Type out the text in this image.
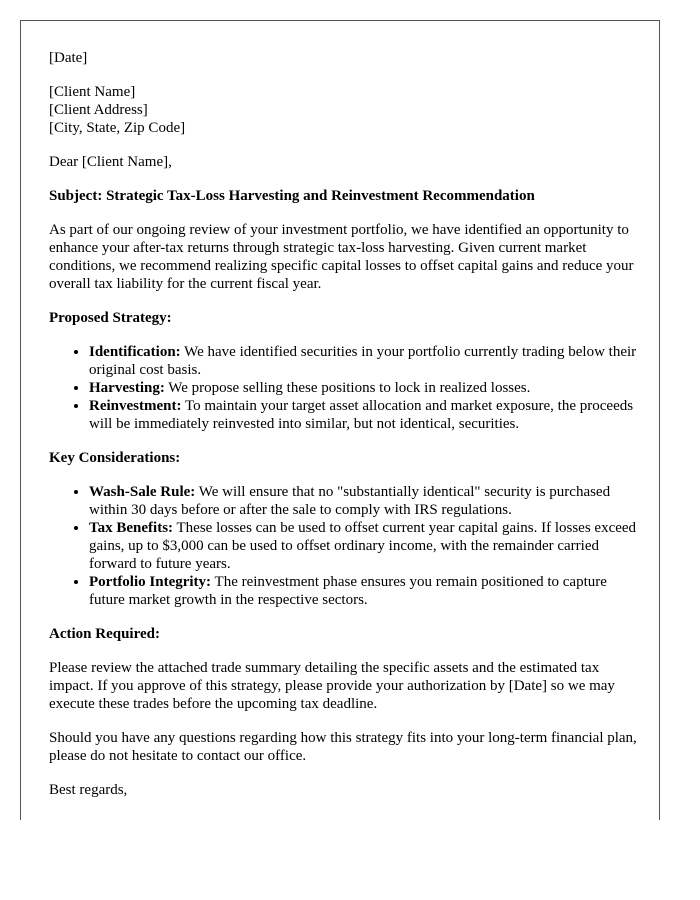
[Date]

[Client Name]
[Client Address]
[City, State, Zip Code]

Dear [Client Name],

Subject: Strategic Tax-Loss Harvesting and Reinvestment Recommendation

As part of our ongoing review of your investment portfolio, we have identified an opportunity to enhance your after-tax returns through strategic tax-loss harvesting. Given current market conditions, we recommend realizing specific capital losses to offset capital gains and reduce your overall tax liability for the current fiscal year.

Proposed Strategy:

• Identification: We have identified securities in your portfolio currently trading below their original cost basis.
• Harvesting: We propose selling these positions to lock in realized losses.
• Reinvestment: To maintain your target asset allocation and market exposure, the proceeds will be immediately reinvested into similar, but not identical, securities.

Key Considerations:

• Wash-Sale Rule: We will ensure that no "substantially identical" security is purchased within 30 days before or after the sale to comply with IRS regulations.
• Tax Benefits: These losses can be used to offset current year capital gains. If losses exceed gains, up to $3,000 can be used to offset ordinary income, with the remainder carried forward to future years.
• Portfolio Integrity: The reinvestment phase ensures you remain positioned to capture future market growth in the respective sectors.

Action Required:

Please review the attached trade summary detailing the specific assets and the estimated tax impact. If you approve of this strategy, please provide your authorization by [Date] so we may execute these trades before the upcoming tax deadline.

Should you have any questions regarding how this strategy fits into your long-term financial plan, please do not hesitate to contact our office.

Best regards,
